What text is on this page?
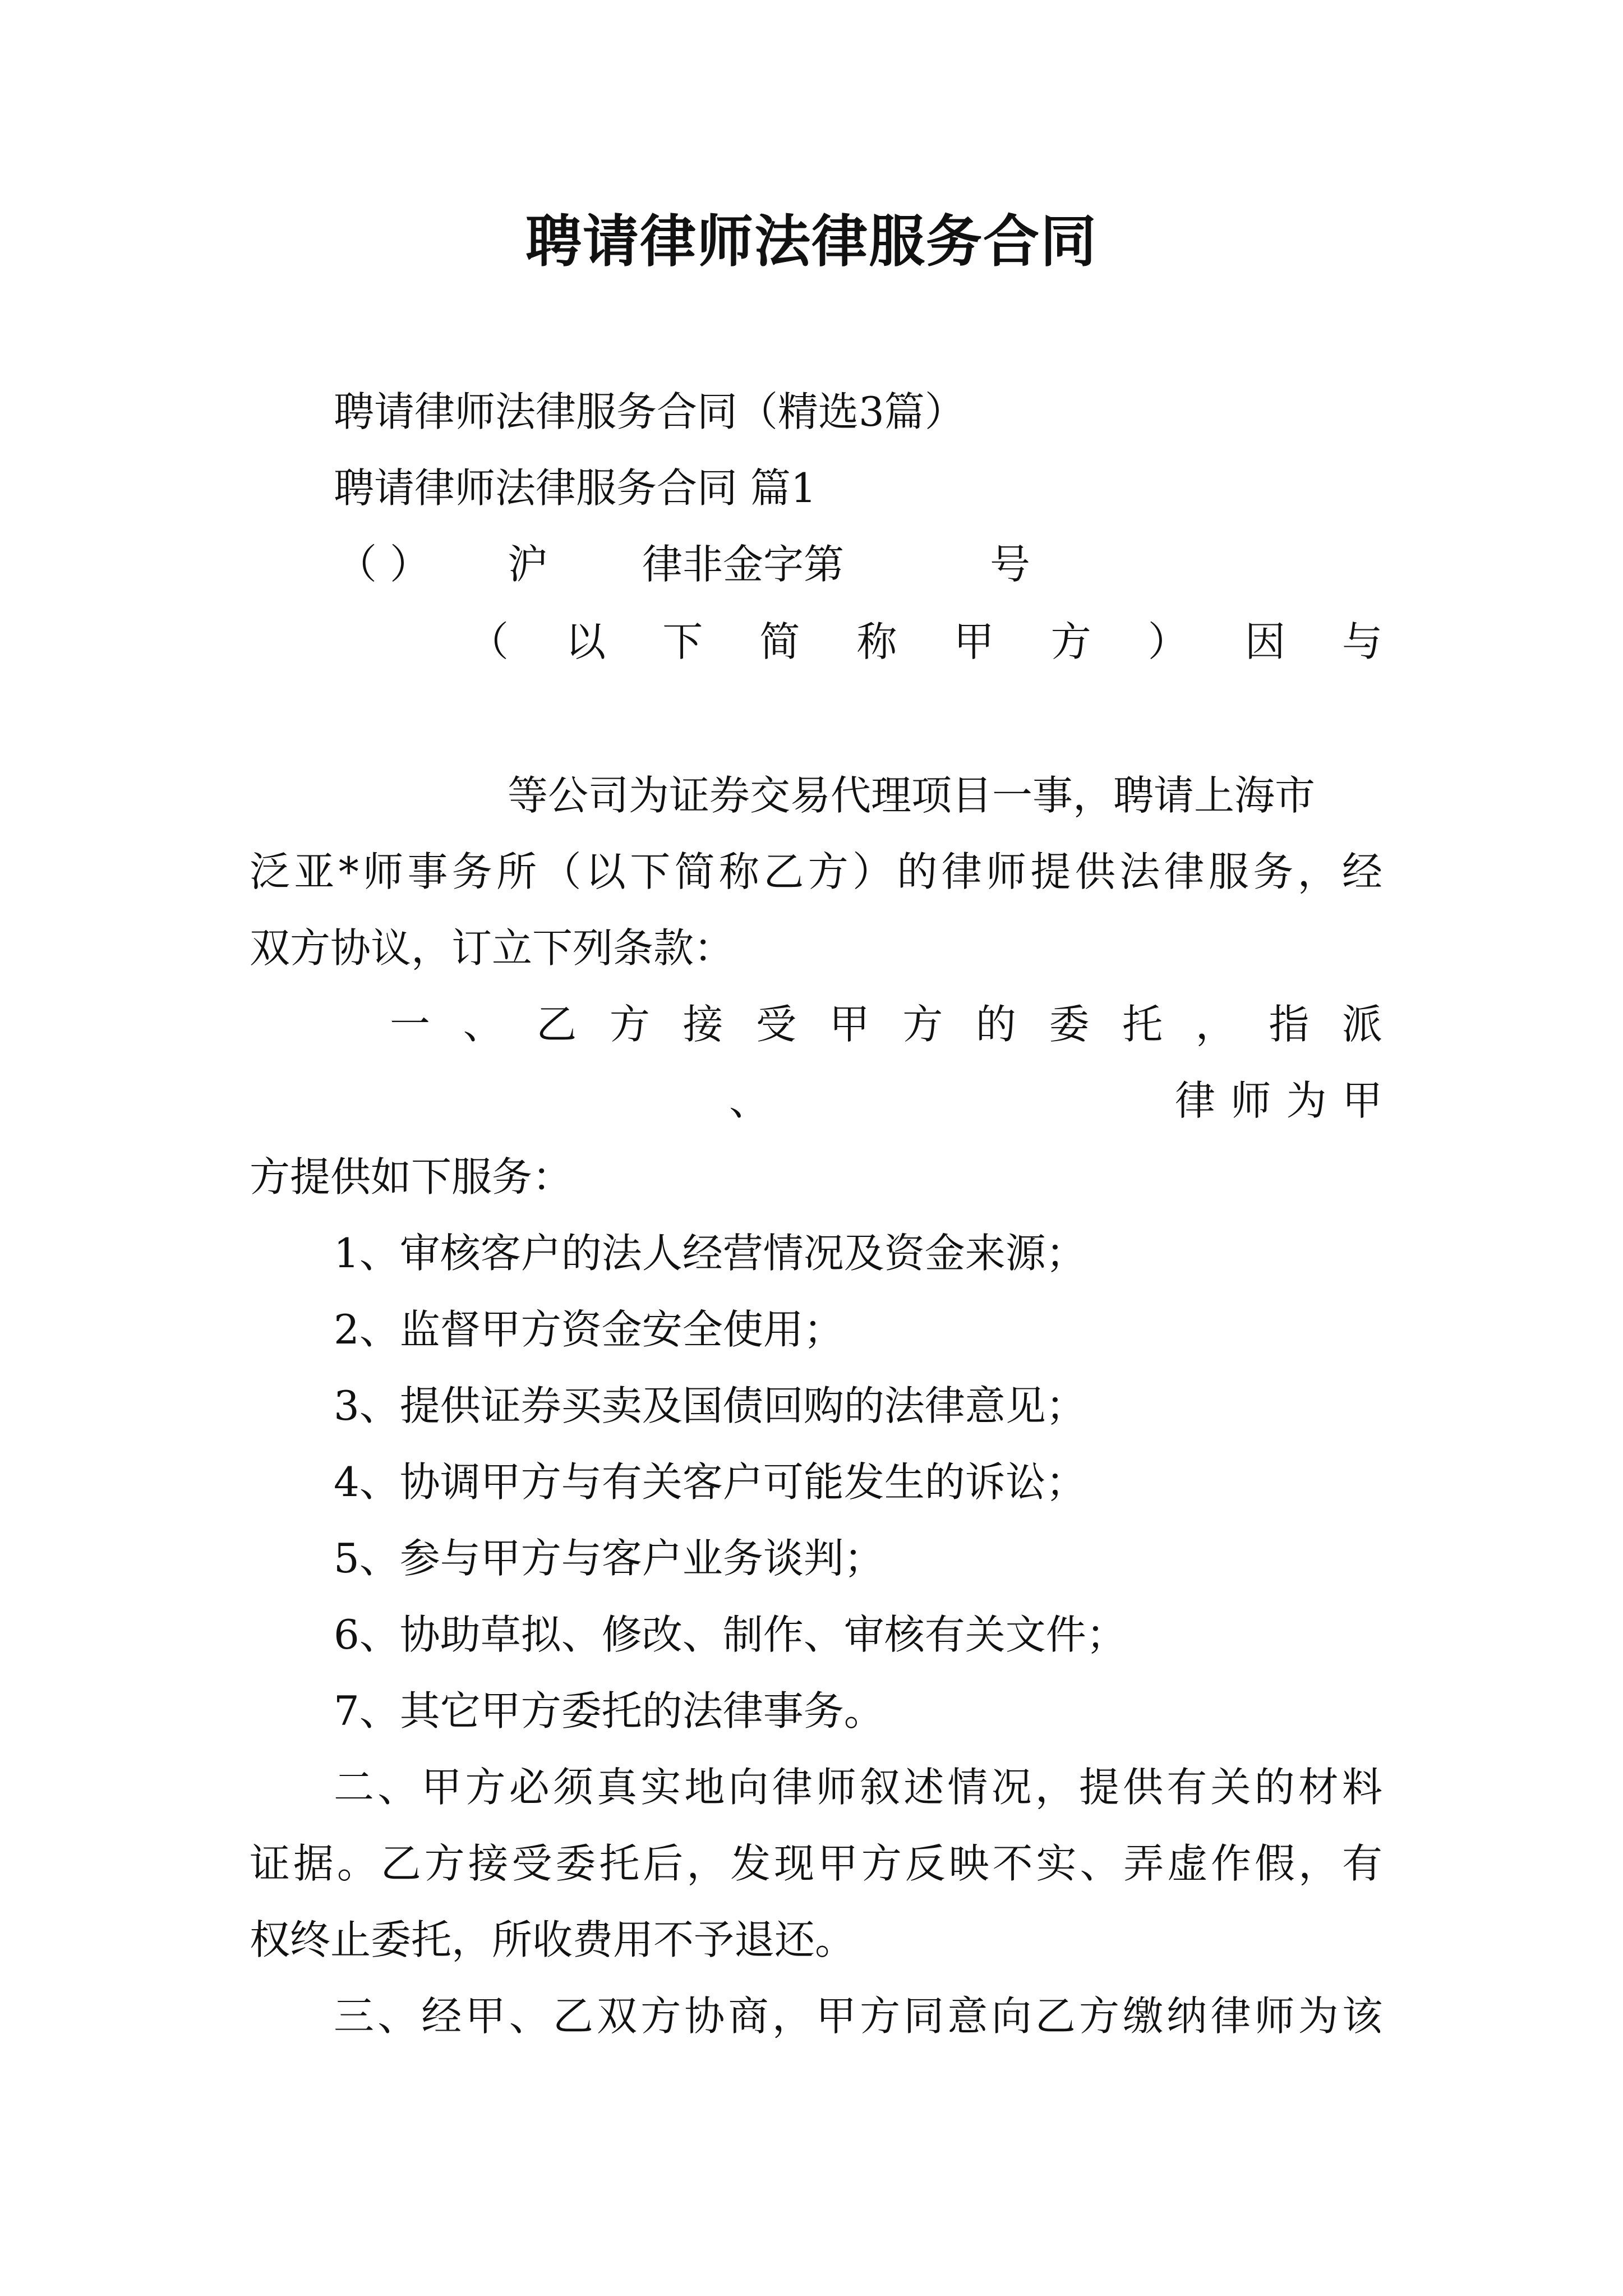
聘请律师法律服务合同
聘请律师法律服务合同（精选3篇）
聘请律师法律服务合同 篇1
（ ） 沪 律非金字第	号
（ 以 下 简 称 甲 方 ） 因 与
等公司为证券交易代理项目一事，聘请上海市
泛亚*师事务所（以下简称乙方）的律师提供法律服务，经
双方协议，订立下列条款：
一 、 乙 方 接 受 甲 方 的 委 托 ， 指 派
、	律 师 为 甲
方提供如下服务：
1、审核客户的法人经营情况及资金来源；
2、监督甲方资金安全使用；
3、提供证券买卖及国债回购的法律意见；
4、协调甲方与有关客户可能发生的诉讼；
5、参与甲方与客户业务谈判；
6、协助草拟、修改、制作、审核有关文件；
7、其它甲方委托的法律事务。
二、甲方必须真实地向律师叙述情况，提供有关的材料
证据。乙方接受委托后，发现甲方反映不实、弄虚作假，有
权终止委托，所收费用不予退还。
三、经甲、乙双方协商，甲方同意向乙方缴纳律师为该
